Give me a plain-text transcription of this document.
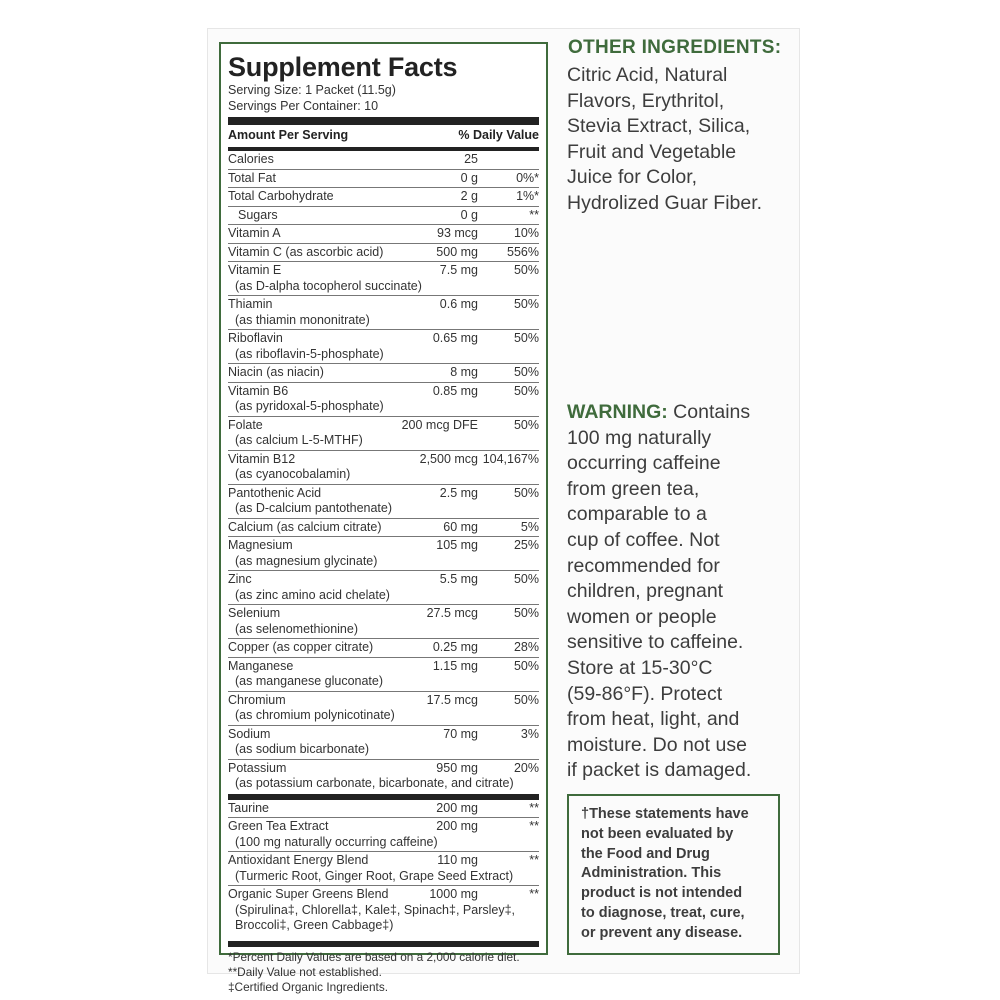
Supplement Facts
Serving Size: 1 Packet (11.5g)
Servings Per Container: 10
Amount Per Serving	% Daily Value
Calories	25
Total Fat	0 g	0%*
Total Carbohydrate	2 g	1%*
Sugars	0 g	**
Vitamin A	93 mcg	10%
Vitamin C (as ascorbic acid)	500 mg 556%
Vitamin E	7.5 mg	50%
(as D-alpha tocopherol succinate)
Thiamin	0.6 mg	50%
(as thiamin mononitrate)
Riboflavin	0.65 mg	50%
(as riboflavin-5-phosphate)
Niacin (as niacin)	8 mg	50%
Vitamin B6	0.85 mg	50%
(as pyridoxal-5-phosphate)
Folate	200 mcg DFE	50%
(as calcium L-5-MTHF)
Vitamin B12	2,500 mcg 104,167%
(as cyanocobalamin)
Pantothenic Acid	2.5 mg	50%
(as D-calcium pantothenate)
Calcium (as calcium citrate)	60 mg	5%
Magnesium	105 mg	25%
(as magnesium glycinate)
Zinc	5.5 mg	50%
(as zinc amino acid chelate)
Selenium	27.5 mcg	50%
(as selenomethionine)
Copper (as copper citrate)	0.25 mg	28%
Manganese	1.15 mg	50%
(as manganese gluconate)
Chromium	17.5 mcg	50%
(as chromium polynicotinate)
Sodium	70 mg	3%
(as sodium bicarbonate)
Potassium	950 mg	20%
(as potassium carbonate, bicarbonate, and citrate)
Taurine	200 mg	**
Green Tea Extract	200 mg	**
(100 mg naturally occurring caffeine)
Antioxidant Energy Blend	110 mg	**
(Turmeric Root, Ginger Root, Grape Seed Extract)
Organic Super Greens Blend	1000 mg	**
(Spirulina‡, Chlorella‡, Kale‡, Spinach‡, Parsley‡,
Broccoli‡, Green Cabbage‡)
*Percent Daily Values are based on a 2,000 calorie diet.
**Daily Value not established.
‡Certified Organic Ingredients.
OTHER INGREDIENTS:
Citric Acid, Natural
Flavors, Erythritol,
Stevia Extract, Silica,
Fruit and Vegetable
Juice for Color,
Hydrolized Guar Fiber.
WARNING: Contains
100 mg naturally
occurring caffeine
from green tea,
comparable to a
cup of coffee. Not
recommended for
children, pregnant
women or people
sensitive to caffeine.
Store at 15-30°C
(59-86°F). Protect
from heat, light, and
moisture. Do not use
if packet is damaged.
†These statements have
not been evaluated by
the Food and Drug
Administration. This
product is not intended
to diagnose, treat, cure,
or prevent any disease.
